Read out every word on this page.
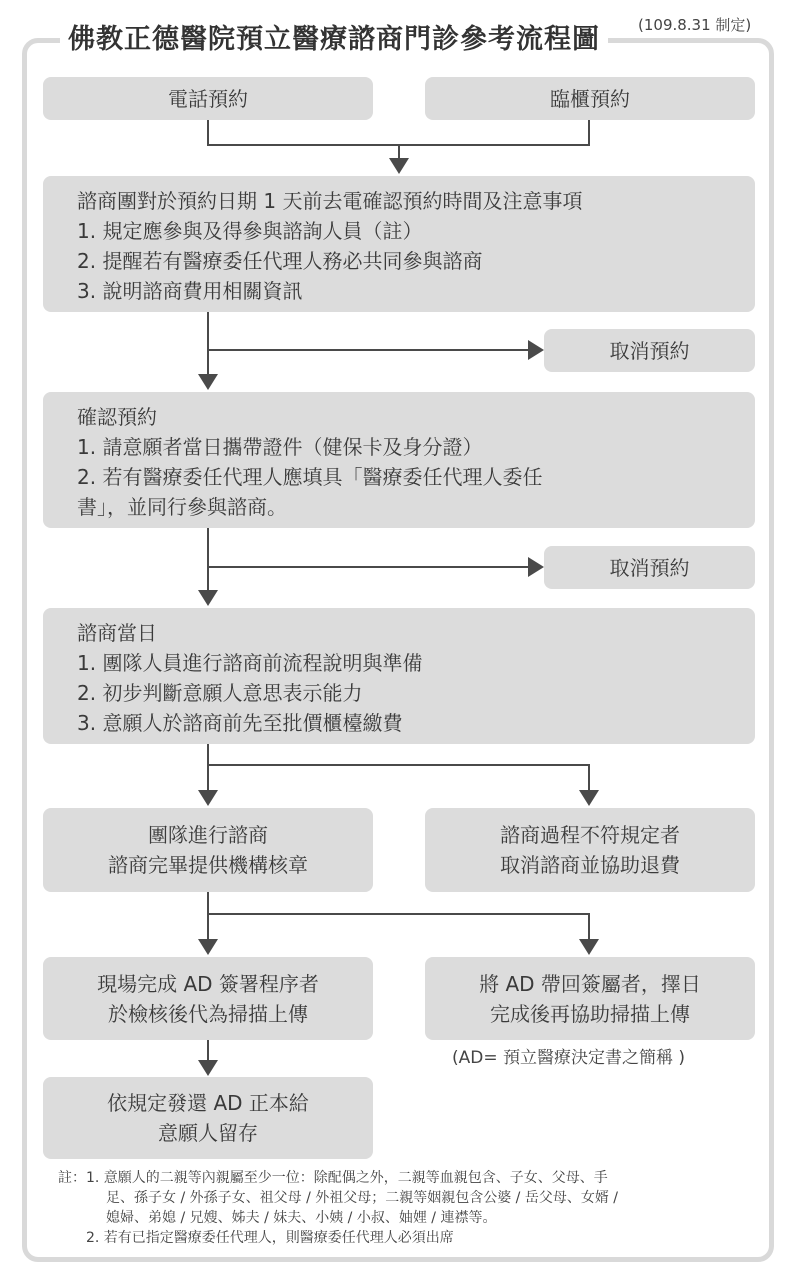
佛教正德醫院預立醫療諮商門診參考流程圖	(109.8.31 制定)
電話預約	臨櫃預約
諮商團對於預約日期 1 天前去電確認預約時間及注意事項
1. 規定應參與及得參與諮詢人員（註）
2. 提醒若有醫療委任代理人務必共同參與諮商
3. 說明諮商費用相關資訊
取消預約
確認預約
1. 請意願者當日攜帶證件（健保卡及身分證）
2. 若有醫療委任代理人應填具「醫療委任代理人委任
書」，並同行參與諮商。
取消預約
諮商當日
1. 團隊人員進行諮商前流程說明與準備
2. 初步判斷意願人意思表示能力
3. 意願人於諮商前先至批價櫃檯繳費
團隊進行諮商
諮商完畢提供機構核章
諮商過程不符規定者
取消諮商並協助退費
現場完成 AD 簽署程序者
於檢核後代為掃描上傳
將 AD 帶回簽屬者，擇日
完成後再協助掃描上傳
(AD= 預立醫療決定書之簡稱 )
依規定發還 AD 正本給
意願人留存
註：1. 意願人的二親等內親屬至少一位：除配偶之外，二親等血親包含、子女、父母、手
足、孫子女 / 外孫子女、祖父母 / 外祖父母；二親等姻親包含公婆 / 岳父母、女婿 /
媳婦、弟媳 / 兄嫂、姊夫 / 妹夫、小姨 / 小叔、妯娌 / 連襟等。
2. 若有已指定醫療委任代理人，則醫療委任代理人必須出席
